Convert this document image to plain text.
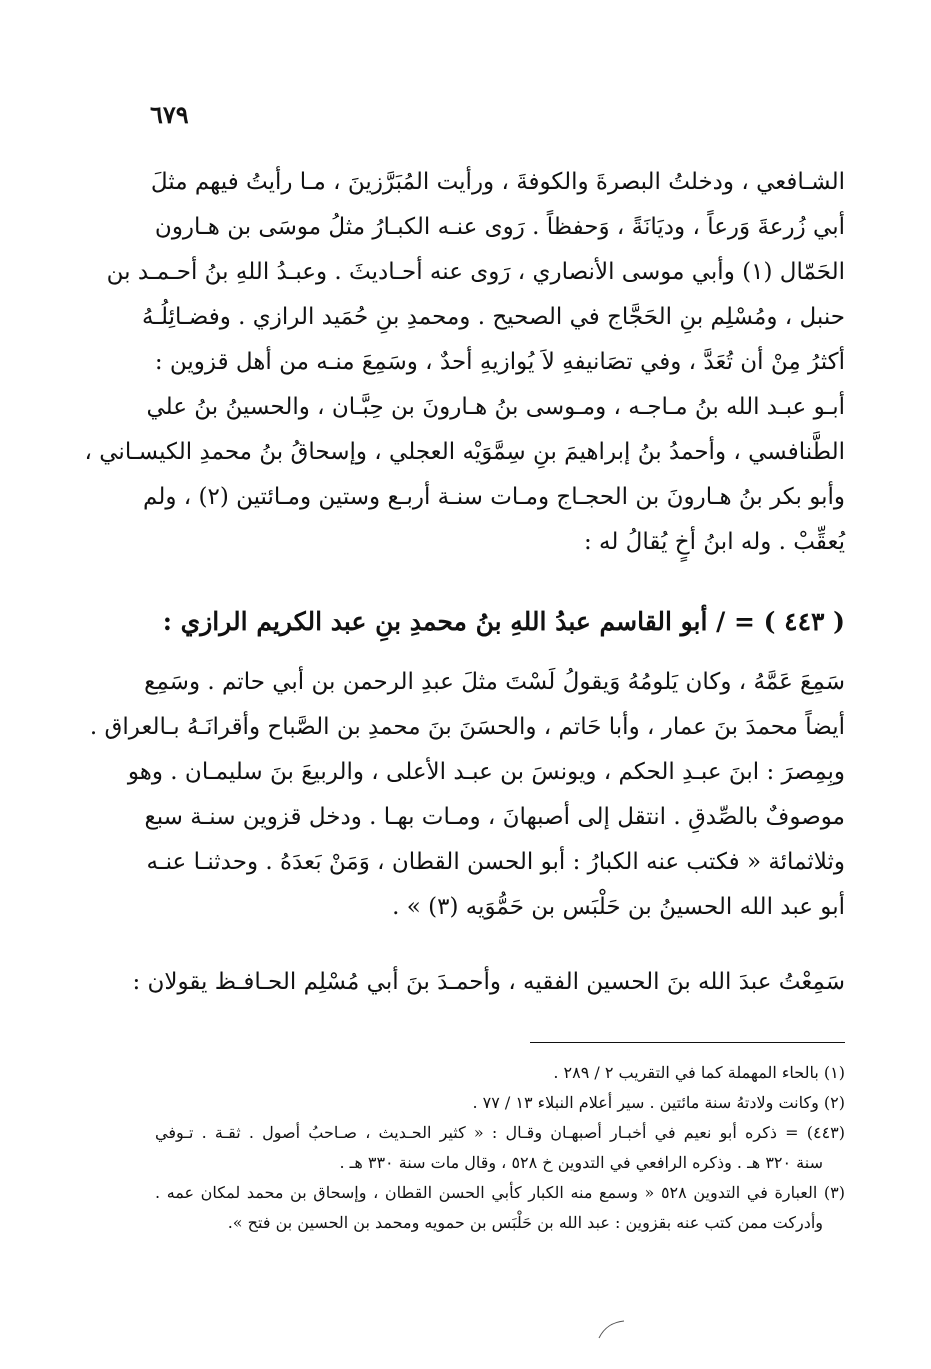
٦٧٩
الشـافعي ، ودخلتُ البصرةَ والكوفةَ ، ورأيت المُبَرَّزينَ ، مـا رأيتُ فيهم مثلَ
أبي زُرعةَ وَرعاً ، وديَانَةً ، وَحفظاً . رَوى عنـه الكبـارُ مثلُ موسَى بن هـارون
الحَمّال (١) وأبي موسى الأنصاري ، رَوى عنه أحـاديثَ . وعبـدُ اللهِ بنُ أحـمـد بن
حنبل ، ومُسْلِم بنِ الحَجَّاج في الصحيح . ومحمدِ بنِ حُمَيد الرازي . وفضـائِلُـهُ
أكثرُ مِنْ أن تُعَدَّ ، وفي تصَانيفهِ لاَ يُوازيهِ أحدٌ ، وسَمِعَ منـه من أهل قزوين :
أبـو عبـد الله بنُ مـاجـه ، ومـوسى بنُ هـارونَ بن حِبَّـان ، والحسينُ بنُ علي
الطَّنافسي ، وأحمدُ بنُ إبراهيمَ بنِ سِمَّوَيْه العجلي ، وإسحاقُ بنُ محمدِ الكيسـاني ،
وأبو بكر بنُ هـارونَ بن الحجـاج ومـات سنـة أربـع وستين ومـائتين (٢) ، ولم
يُعقِّبْ . وله ابنُ أخٍ يُقالُ له :
( ٤٤٣ ) = / أبو القاسم عبدُ اللهِ بنُ محمدِ بنِ عبد الكريم الرازي :
سَمِعَ عَمَّهُ ، وكان يَلومُهُ وَيقولُ لَسْتَ مثلَ عبدِ الرحمن بن أبي حاتم . وسَمِع
أيضاً محمدَ بنَ عمار ، وأبا حَاتم ، والحسَنَ بنَ محمدِ بن الصَّباح وأقرانَـهُ بـالعراق .
وبِمِصرَ : ابنَ عبـدِ الحكم ، ويونسَ بن عبـد الأعلى ، والربيعَ بنَ سليمـان . وهو
موصوفٌ بالصِّدقِ . انتقل إلى أصبهانَ ، ومـات بهـا . ودخل قزوين سنـة سبع
وثلاثمائة « فكتب عنه الكبارُ : أبو الحسن القطان ، وَمَنْ بَعدَهُ . وحدثنـا عنـه
أبو عبد الله الحسينُ بن حَلْبَس بن حَمُّوَيه (٣) » .
سَمِعْتُ عبدَ الله بنَ الحسين الفقيه ، وأحمـدَ بنَ أبي مُسْلِم الحـافـظ يقولان :
(١) بالحاء المهملة كما في التقريب ٢ / ٢٨٩ .
(٢) وكانت ولادتهُ سنة مائتين . سير أعلام النبلاء ١٣ / ٧٧ .
(٤٤٣) = ذكره أبو نعيم في أخبـار أصبهـان وقـال : « كثير الحـديث ، صـاحبُ أصول . ثقـة . تـوفي
سنة ٣٢٠ هـ . وذكره الرافعي في التدوين خ ٥٢٨ ، وقال مات سنة ٣٣٠ هـ .
(٣) العبارة في التدوين ٥٢٨ « وسمع منه الكبار كأبي الحسن القطان ، وإسحاق بن محمد لمكان عمه .
وأدركت ممن كتب عنه بقزوين : عبد الله بن حَلْبَس بن حمويه ومحمد بن الحسين بن فتح ».
